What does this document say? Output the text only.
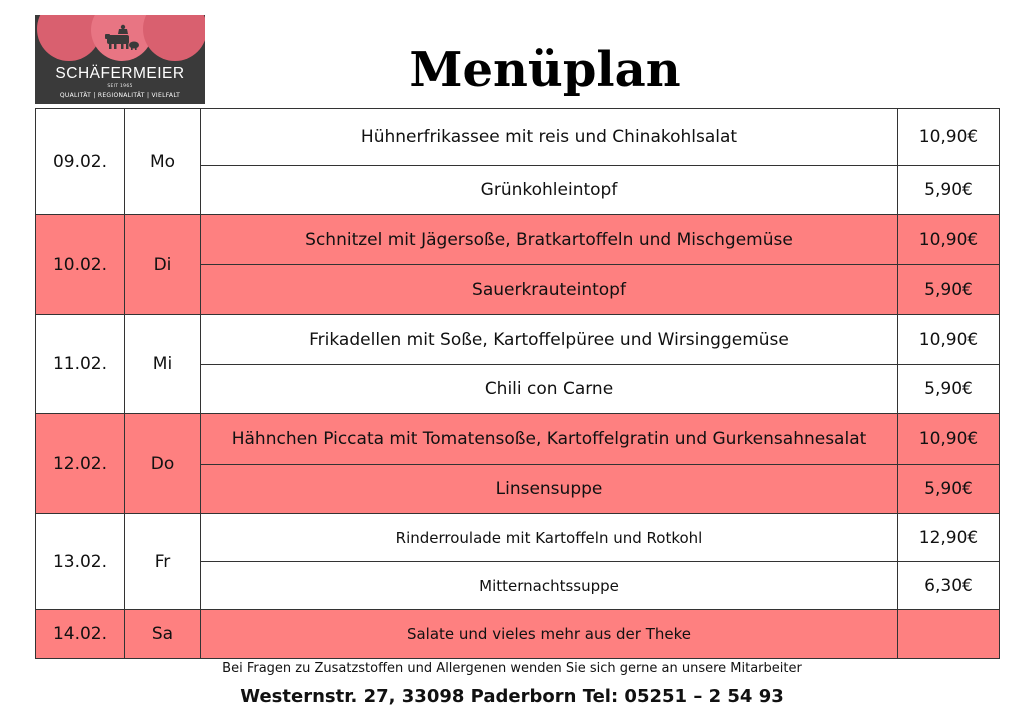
SCHÄFERMEIER
SEIT 1965
QUALITÄT | REGIONALITÄT | VIELFALT	Menüplan
09.02.	Mo	Hühnerfrikassee mit reis und Chinakohlsalat	10,90€
		Grünkohleintopf	5,90€
10.02.	Di	Schnitzel mit Jägersoße, Bratkartoffeln und Mischgemüse	10,90€
		Sauerkrauteintopf	5,90€
11.02.	Mi	Frikadellen mit Soße, Kartoffelpüree und Wirsinggemüse	10,90€
		Chili con Carne	5,90€
12.02.	Do	Hähnchen Piccata mit Tomatensoße, Kartoffelgratin und Gurkensahnesalat	10,90€
		Linsensuppe	5,90€
13.02.	Fr	Rinderroulade mit Kartoffeln und Rotkohl	12,90€
		Mitternachtssuppe	6,30€
14.02.	Sa	Salate und vieles mehr aus der Theke	
Bei Fragen zu Zusatzstoffen und Allergenen wenden Sie sich gerne an unsere Mitarbeiter
Westernstr. 27, 33098 Paderborn Tel: 05251 – 2 54 93
